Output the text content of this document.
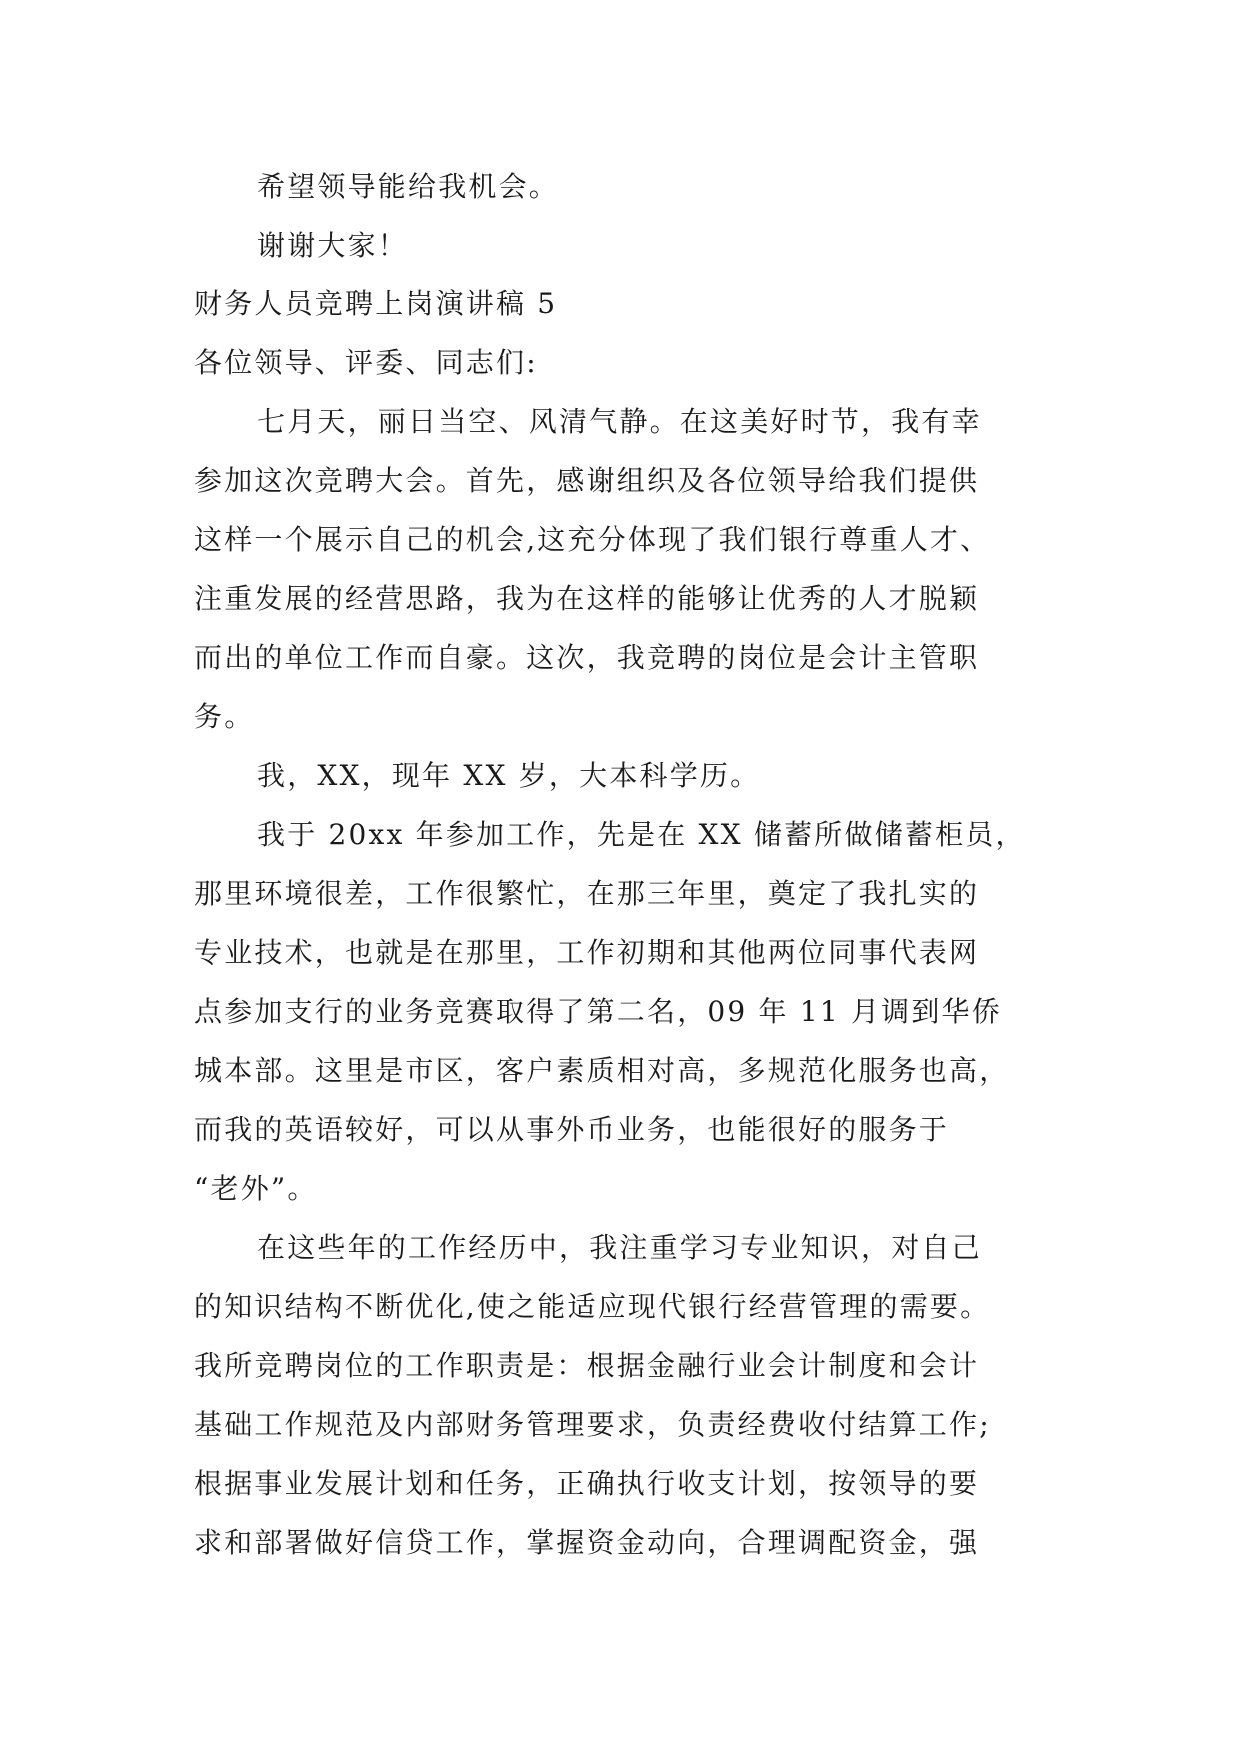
希望领导能给我机会。
谢谢大家！
财务人员竞聘上岗演讲稿 5
各位领导、评委、同志们:
七月天，丽日当空、风清气静。在这美好时节，我有幸
参加这次竞聘大会。首先，感谢组织及各位领导给我们提供
这样一个展示自己的机会,这充分体现了我们银行尊重人才、
注重发展的经营思路，我为在这样的能够让优秀的人才脱颖
而出的单位工作而自豪。这次，我竞聘的岗位是会计主管职
务。
我，XX，现年 XX 岁，大本科学历。
我于 20xx 年参加工作，先是在 XX 储蓄所做储蓄柜员，
那里环境很差，工作很繁忙，在那三年里，奠定了我扎实的
专业技术，也就是在那里，工作初期和其他两位同事代表网
点参加支行的业务竞赛取得了第二名，09 年 11 月调到华侨
城本部。这里是市区，客户素质相对高，多规范化服务也高，
而我的英语较好，可以从事外币业务，也能很好的服务于
“老外”。
在这些年的工作经历中，我注重学习专业知识，对自己
的知识结构不断优化,使之能适应现代银行经营管理的需要。
我所竞聘岗位的工作职责是：根据金融行业会计制度和会计
基础工作规范及内部财务管理要求，负责经费收付结算工作;
根据事业发展计划和任务，正确执行收支计划，按领导的要
求和部署做好信贷工作，掌握资金动向，合理调配资金，强
